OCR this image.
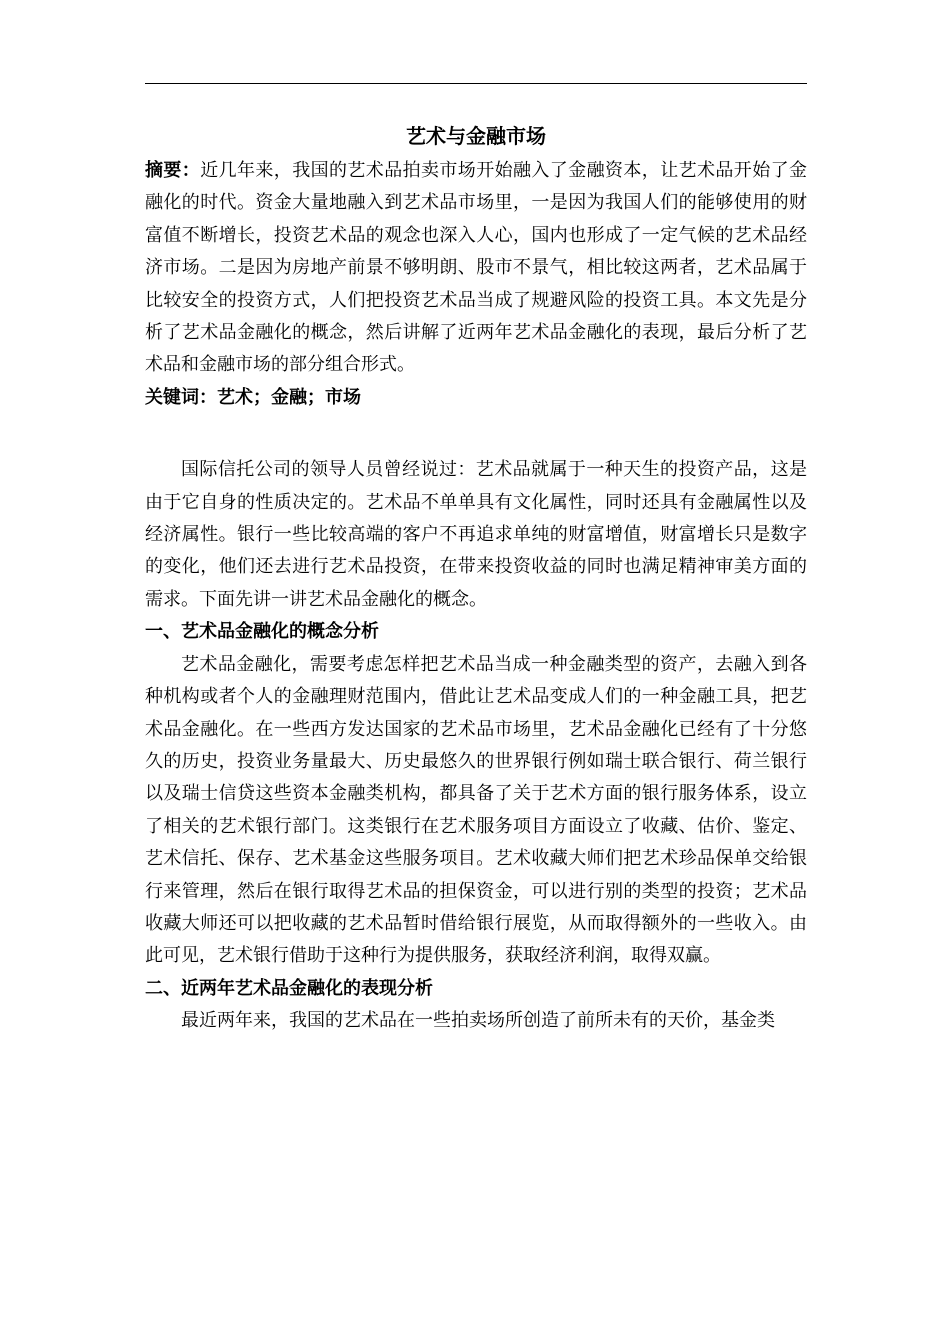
艺术与金融市场

摘要：近几年来，我国的艺术品拍卖市场开始融入了金融资本，让艺术品开始了金融化的时代。资金大量地融入到艺术品市场里，一是因为我国人们的能够使用的财富值不断增长，投资艺术品的观念也深入人心，国内也形成了一定气候的艺术品经济市场。二是因为房地产前景不够明朗、股市不景气，相比较这两者，艺术品属于比较安全的投资方式，人们把投资艺术品当成了规避风险的投资工具。本文先是分析了艺术品金融化的概念，然后讲解了近两年艺术品金融化的表现，最后分析了艺术品和金融市场的部分组合形式。

关键词：艺术；金融；市场

国际信托公司的领导人员曾经说过：艺术品就属于一种天生的投资产品，这是由于它自身的性质决定的。艺术品不单单具有文化属性，同时还具有金融属性以及经济属性。银行一些比较高端的客户不再追求单纯的财富增值，财富增长只是数字的变化，他们还去进行艺术品投资，在带来投资收益的同时也满足精神审美方面的需求。下面先讲一讲艺术品金融化的概念。

一、艺术品金融化的概念分析

艺术品金融化，需要考虑怎样把艺术品当成一种金融类型的资产，去融入到各种机构或者个人的金融理财范围内，借此让艺术品变成人们的一种金融工具，把艺术品金融化。在一些西方发达国家的艺术品市场里，艺术品金融化已经有了十分悠久的历史，投资业务量最大、历史最悠久的世界银行例如瑞士联合银行、荷兰银行以及瑞士信贷这些资本金融类机构，都具备了关于艺术方面的银行服务体系，设立了相关的艺术银行部门。这类银行在艺术服务项目方面设立了收藏、估价、鉴定、艺术信托、保存、艺术基金这些服务项目。艺术收藏大师们把艺术珍品保单交给银行来管理，然后在银行取得艺术品的担保资金，可以进行别的类型的投资；艺术品收藏大师还可以把收藏的艺术品暂时借给银行展览，从而取得额外的一些收入。由此可见，艺术银行借助于这种行为提供服务，获取经济利润，取得双赢。

二、近两年艺术品金融化的表现分析

最近两年来，我国的艺术品在一些拍卖场所创造了前所未有的天价，基金类
